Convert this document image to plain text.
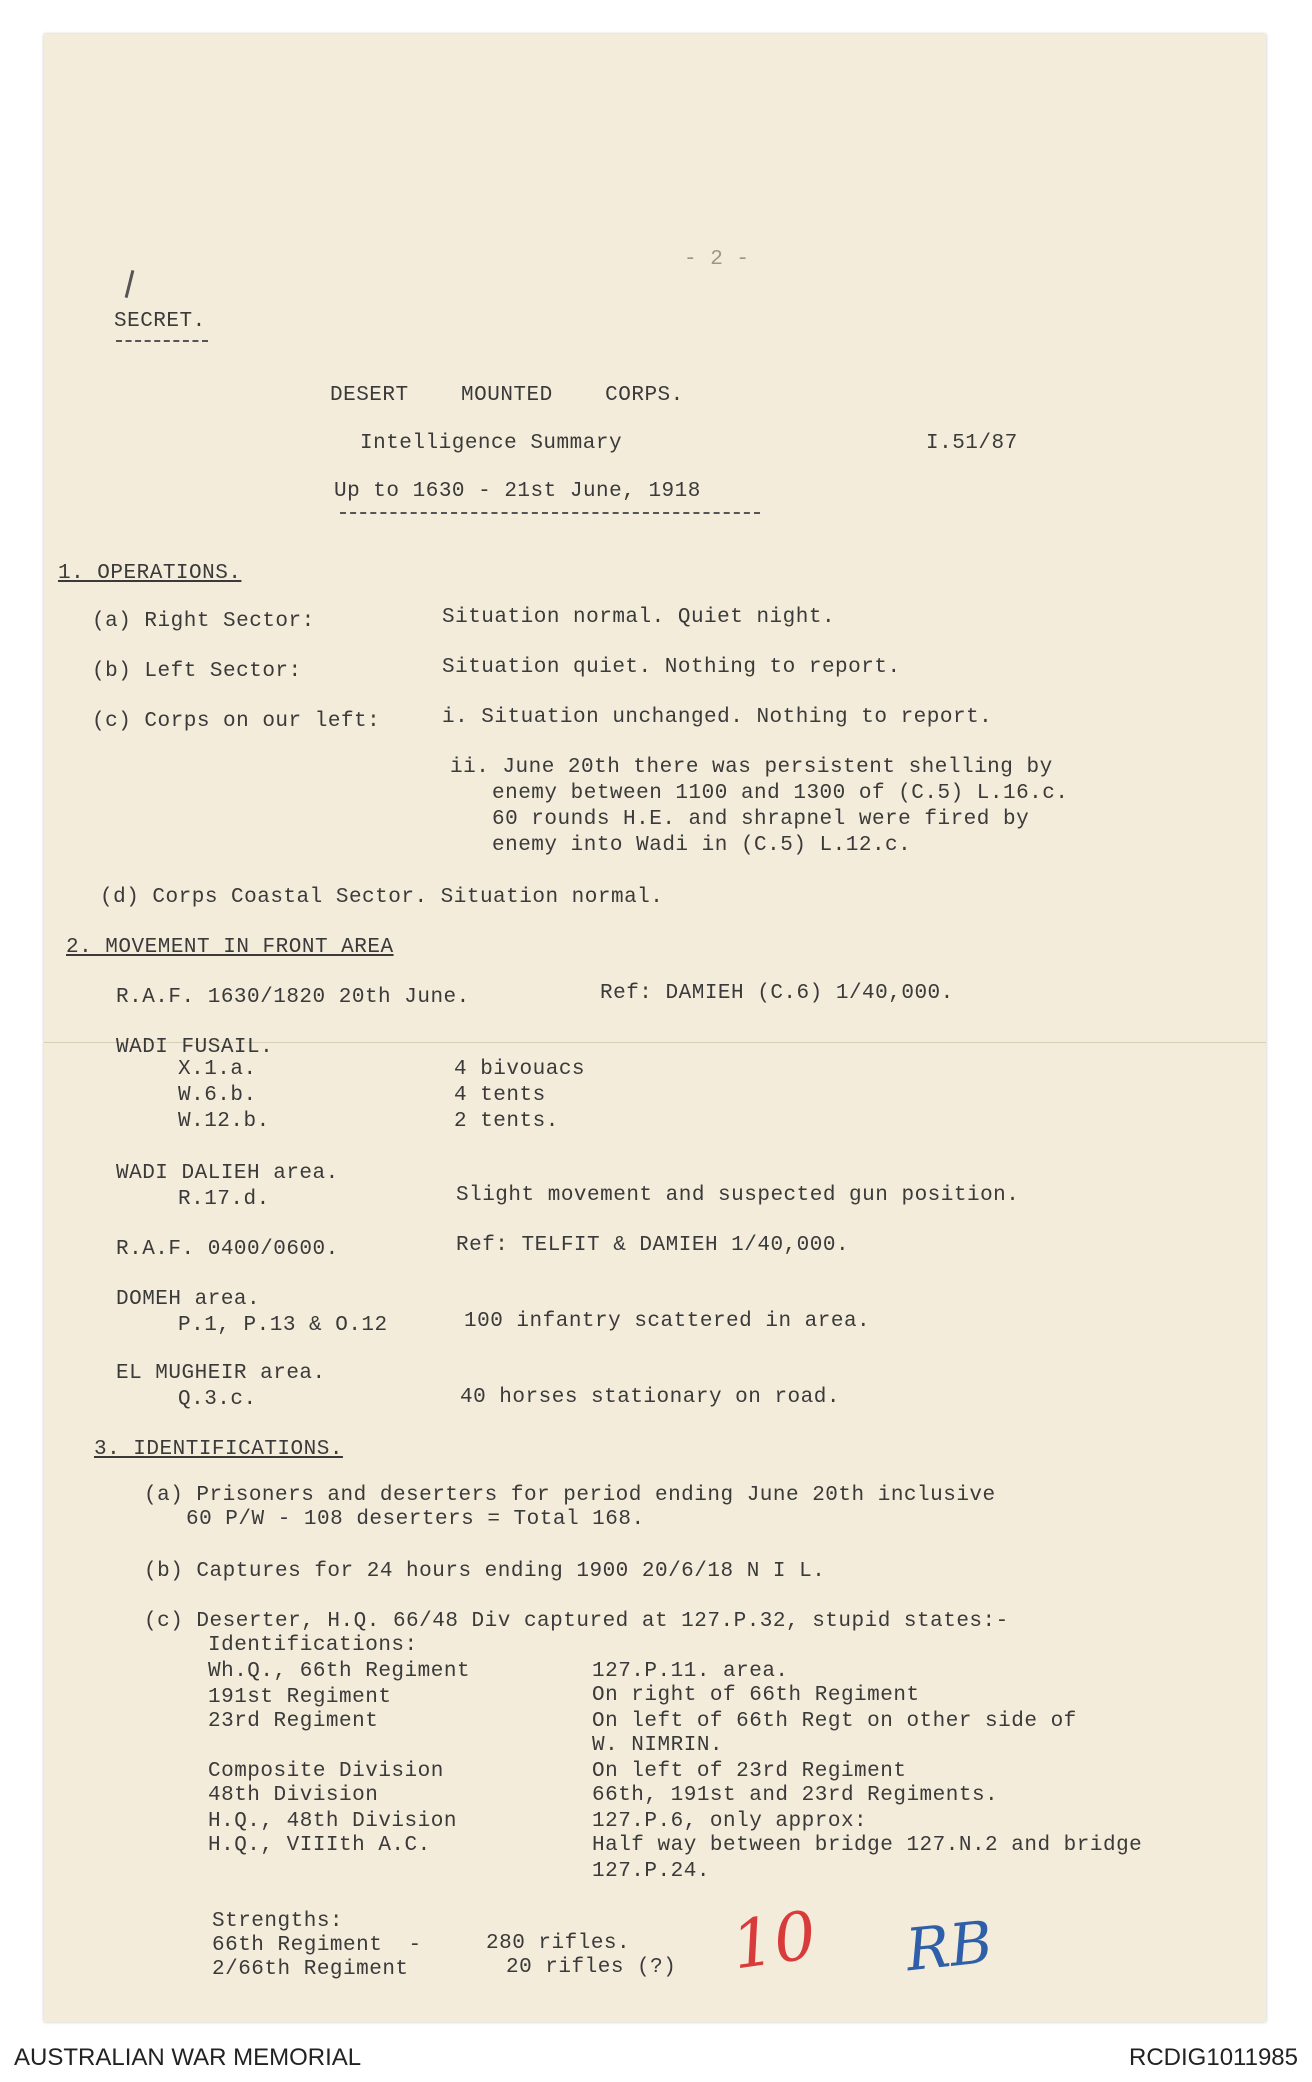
- 2 -
SECRET.
DESERT    MOUNTED    CORPS.
Intelligence Summary	I.51/87
Up to 1630 - 21st June, 1918
1. OPERATIONS.
(a) Right Sector:	Situation normal. Quiet night.
(b) Left Sector:	Situation quiet. Nothing to report.
(c) Corps on our left:	i. Situation unchanged. Nothing to report.
ii. June 20th there was persistent shelling by
enemy between 1100 and 1300 of (C.5) L.16.c.
60 rounds H.E. and shrapnel were fired by
enemy into Wadi in (C.5) L.12.c.
(d) Corps Coastal Sector. Situation normal.
2. MOVEMENT IN FRONT AREA
R.A.F. 1630/1820 20th June.	Ref: DAMIEH (C.6) 1/40,000.
WADI FUSAIL.
X.1.a.	4 bivouacs
W.6.b.	4 tents
W.12.b.	2 tents.
WADI DALIEH area.
R.17.d.	Slight movement and suspected gun position.
R.A.F. 0400/0600.	Ref: TELFIT & DAMIEH 1/40,000.
DOMEH area.
P.1, P.13 & O.12	100 infantry scattered in area.
EL MUGHEIR area.
Q.3.c.	40 horses stationary on road.
3. IDENTIFICATIONS.
(a) Prisoners and deserters for period ending June 20th inclusive
60 P/W - 108 deserters = Total 168.
(b) Captures for 24 hours ending 1900 20/6/18 N I L.
(c) Deserter, H.Q. 66/48 Div captured at 127.P.32, stupid states:-
Identifications:
Wh.Q., 66th Regiment	127.P.11. area.
191st Regiment	On right of 66th Regiment
23rd Regiment	On left of 66th Regt on other side of
W. NIMRIN.
Composite Division	On left of 23rd Regiment
48th Division	66th, 191st and 23rd Regiments.
H.Q., 48th Division	127.P.6, only approx:
H.Q., VIIIth A.C.	Half way between bridge 127.N.2 and bridge
127.P.24.
Strengths:
66th Regiment  -	280 rifles.
2/66th Regiment	20 rifles (?) 10 RB
AUSTRALIAN WAR MEMORIAL	RCDIG1011985
